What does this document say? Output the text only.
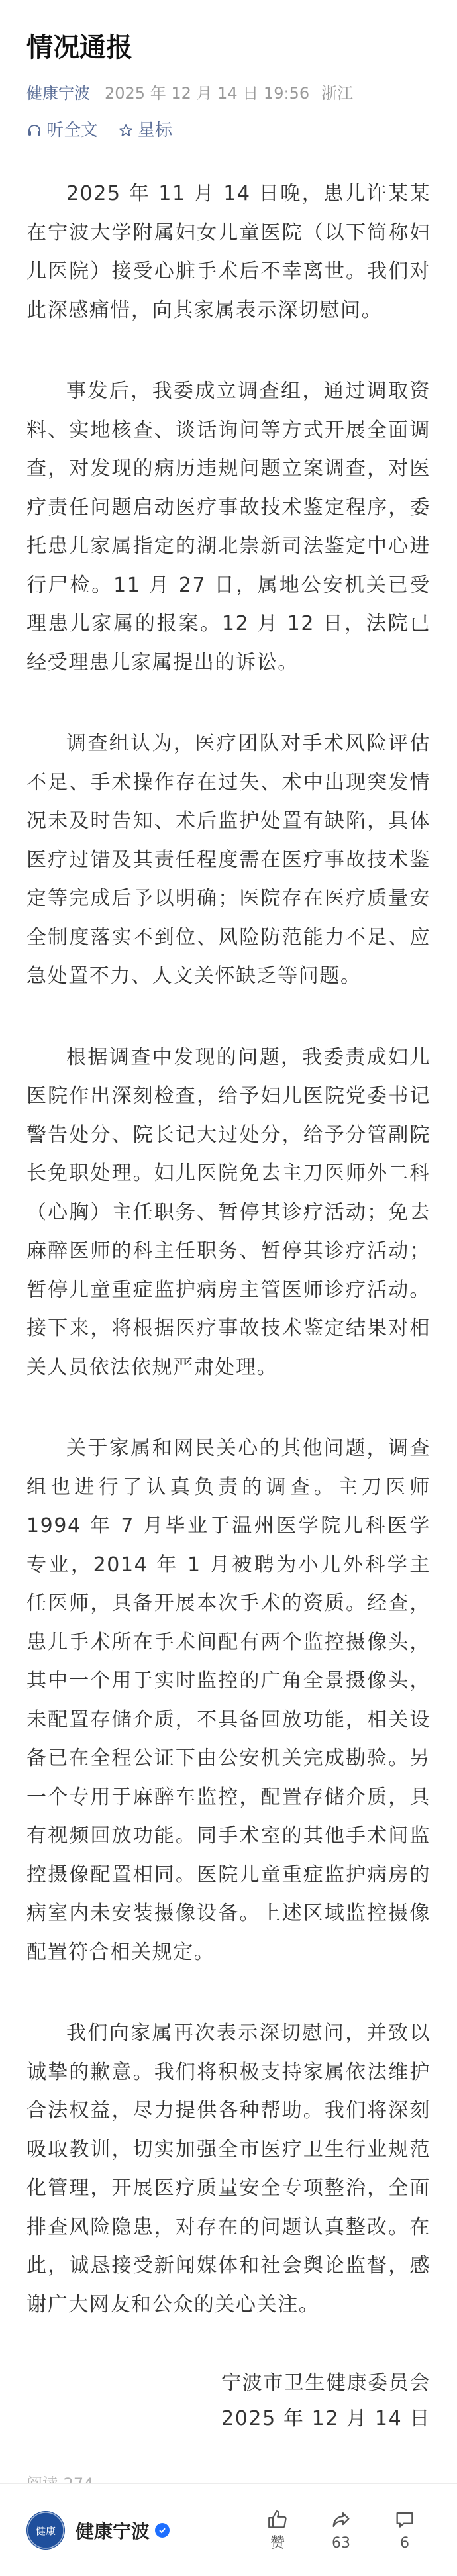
情况通报
健康宁波 2025 年 12 月 14 日 19:56 浙江
听全文 星标

2025 年 11 月 14 日晚，患儿许某某在宁波大学附属妇女儿童医院（以下简称妇儿医院）接受心脏手术后不幸离世。我们对此深感痛惜，向其家属表示深切慰问。

事发后，我委成立调查组，通过调取资料、实地核查、谈话询问等方式开展全面调查，对发现的病历违规问题立案调查，对医疗责任问题启动医疗事故技术鉴定程序，委托患儿家属指定的湖北崇新司法鉴定中心进行尸检。11 月 27 日，属地公安机关已受理患儿家属的报案。12 月 12 日，法院已经受理患儿家属提出的诉讼。

调查组认为，医疗团队对手术风险评估不足、手术操作存在过失、术中出现突发情况未及时告知、术后监护处置有缺陷，具体医疗过错及其责任程度需在医疗事故技术鉴定等完成后予以明确；医院存在医疗质量安全制度落实不到位、风险防范能力不足、应急处置不力、人文关怀缺乏等问题。

根据调查中发现的问题，我委责成妇儿医院作出深刻检查，给予妇儿医院党委书记警告处分、院长记大过处分，给予分管副院长免职处理。妇儿医院免去主刀医师外二科（心胸）主任职务、暂停其诊疗活动；免去麻醉医师的科主任职务、暂停其诊疗活动；暂停儿童重症监护病房主管医师诊疗活动。接下来，将根据医疗事故技术鉴定结果对相关人员依法依规严肃处理。

关于家属和网民关心的其他问题，调查组也进行了认真负责的调查。主刀医师 1994 年 7 月毕业于温州医学院儿科医学专业，2014 年 1 月被聘为小儿外科学主任医师，具备开展本次手术的资质。经查，患儿手术所在手术间配有两个监控摄像头，其中一个用于实时监控的广角全景摄像头，未配置存储介质，不具备回放功能，相关设备已在全程公证下由公安机关完成勘验。另一个专用于麻醉车监控，配置存储介质，具有视频回放功能。同手术室的其他手术间监控摄像配置相同。医院儿童重症监护病房的病室内未安装摄像设备。上述区域监控摄像配置符合相关规定。

我们向家属再次表示深切慰问，并致以诚挚的歉意。我们将积极支持家属依法维护合法权益，尽力提供各种帮助。我们将深刻吸取教训，切实加强全市医疗卫生行业规范化管理，开展医疗质量安全专项整治，全面排查风险隐患，对存在的问题认真整改。在此，诚恳接受新闻媒体和社会舆论监督，感谢广大网友和公众的关心关注。

宁波市卫生健康委员会
2025 年 12 月 14 日
健康 健康宁波
赞	63	6
